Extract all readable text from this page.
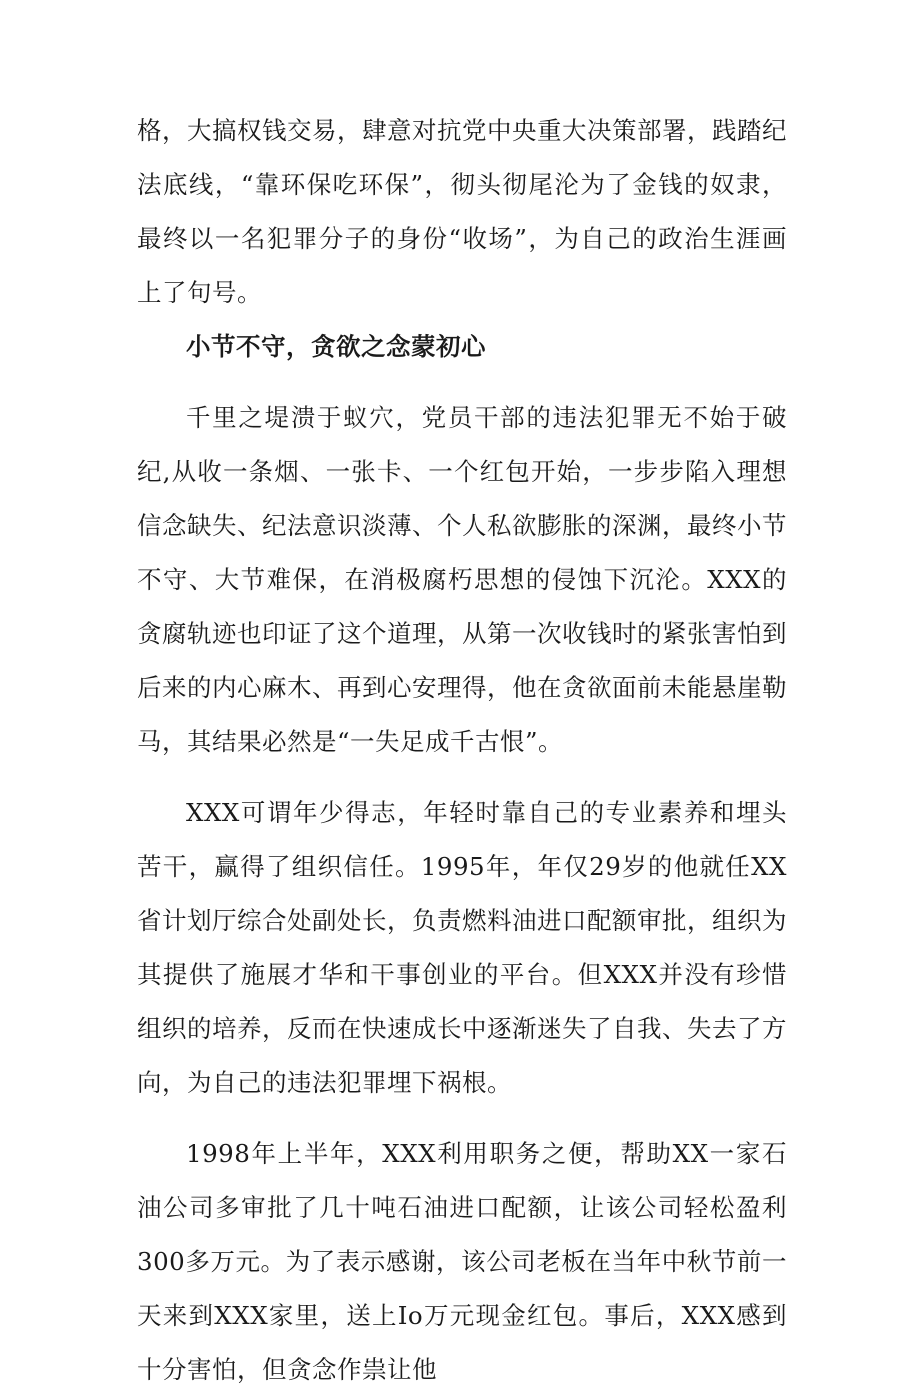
格，大搞权钱交易，肆意对抗党中央重大决策部署，践踏纪法底线，“靠环保吃环保”，彻头彻尾沦为了金钱的奴隶，最终以一名犯罪分子的身份“收场”，为自己的政治生涯画上了句号。

小节不守，贪欲之念蒙初心

千里之堤溃于蚁穴，党员干部的违法犯罪无不始于破纪,从收一条烟、一张卡、一个红包开始，一步步陷入理想信念缺失、纪法意识淡薄、个人私欲膨胀的深渊，最终小节不守、大节难保，在消极腐朽思想的侵蚀下沉沦。XXX的贪腐轨迹也印证了这个道理，从第一次收钱时的紧张害怕到后来的内心麻木、再到心安理得，他在贪欲面前未能悬崖勒马，其结果必然是“一失足成千古恨”。

XXX可谓年少得志，年轻时靠自己的专业素养和埋头苦干，赢得了组织信任。1995年，年仅29岁的他就任XX省计划厅综合处副处长，负责燃料油进口配额审批，组织为其提供了施展才华和干事创业的平台。但XXX并没有珍惜组织的培养，反而在快速成长中逐渐迷失了自我、失去了方向，为自己的违法犯罪埋下祸根。

1998年上半年，XXX利用职务之便，帮助XX一家石油公司多审批了几十吨石油进口配额，让该公司轻松盈利300多万元。为了表示感谢，该公司老板在当年中秋节前一天来到XXX家里，送上Io万元现金红包。事后，XXX感到十分害怕，但贪念作祟让他
